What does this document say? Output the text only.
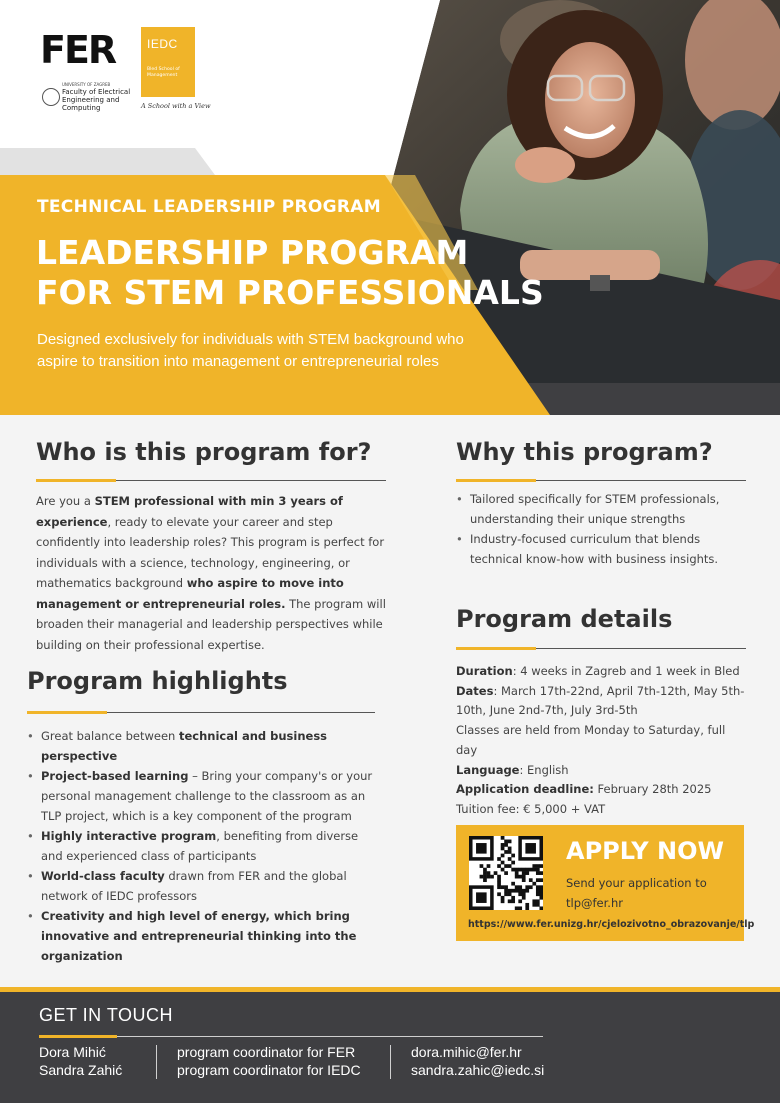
FER
UNIVERSITY OF ZAGREB
Faculty of Electrical Engineering and Computing
IEDC
Bled School of Management
A School with a View
TECHNICAL LEADERSHIP PROGRAM
LEADERSHIP PROGRAM
FOR STEM PROFESSIONALS
Designed exclusively for individuals with STEM background who aspire to transition into management or entrepreneurial roles
Who is this program for?

Are you a STEM professional with min 3 years of experience, ready to elevate your career and step confidently into leadership roles? This program is perfect for individuals with a science, technology, engineering, or mathematics background who aspire to move into management or entrepreneurial roles. The program will broaden their managerial and leadership perspectives while building on their professional expertise.

Program highlights
• Great balance between technical and business perspective
• Project-based learning – Bring your company's or your personal management challenge to the classroom as an TLP project, which is a key component of the program
• Highly interactive program, benefiting from diverse and experienced class of participants
• World-class faculty drawn from FER and the global network of IEDC professors
• Creativity and high level of energy, which bring innovative and entrepreneurial thinking into the organization
Why this program?
• Tailored specifically for STEM professionals, understanding their unique strengths
• Industry-focused curriculum that blends technical know-how with business insights.
Program details

Duration: 4 weeks in Zagreb and 1 week in Bled

Dates: March 17th-22nd, April 7th-12th, May 5th-10th, June 2nd-7th, July 3rd-5th

Classes are held from Monday to Saturday, full day

Language: English

Application deadline: February 28th 2025

Tuition fee: € 5,000 + VAT

APPLY NOW
Send your application to tlp@fer.hr
https://www.fer.unizg.hr/cjelozivotno_obrazovanje/tlp
GET IN TOUCH
Dora Mihić
Sandra Zahić
program coordinator for FER
program coordinator for IEDC
dora.mihic@fer.hr
sandra.zahic@iedc.si
